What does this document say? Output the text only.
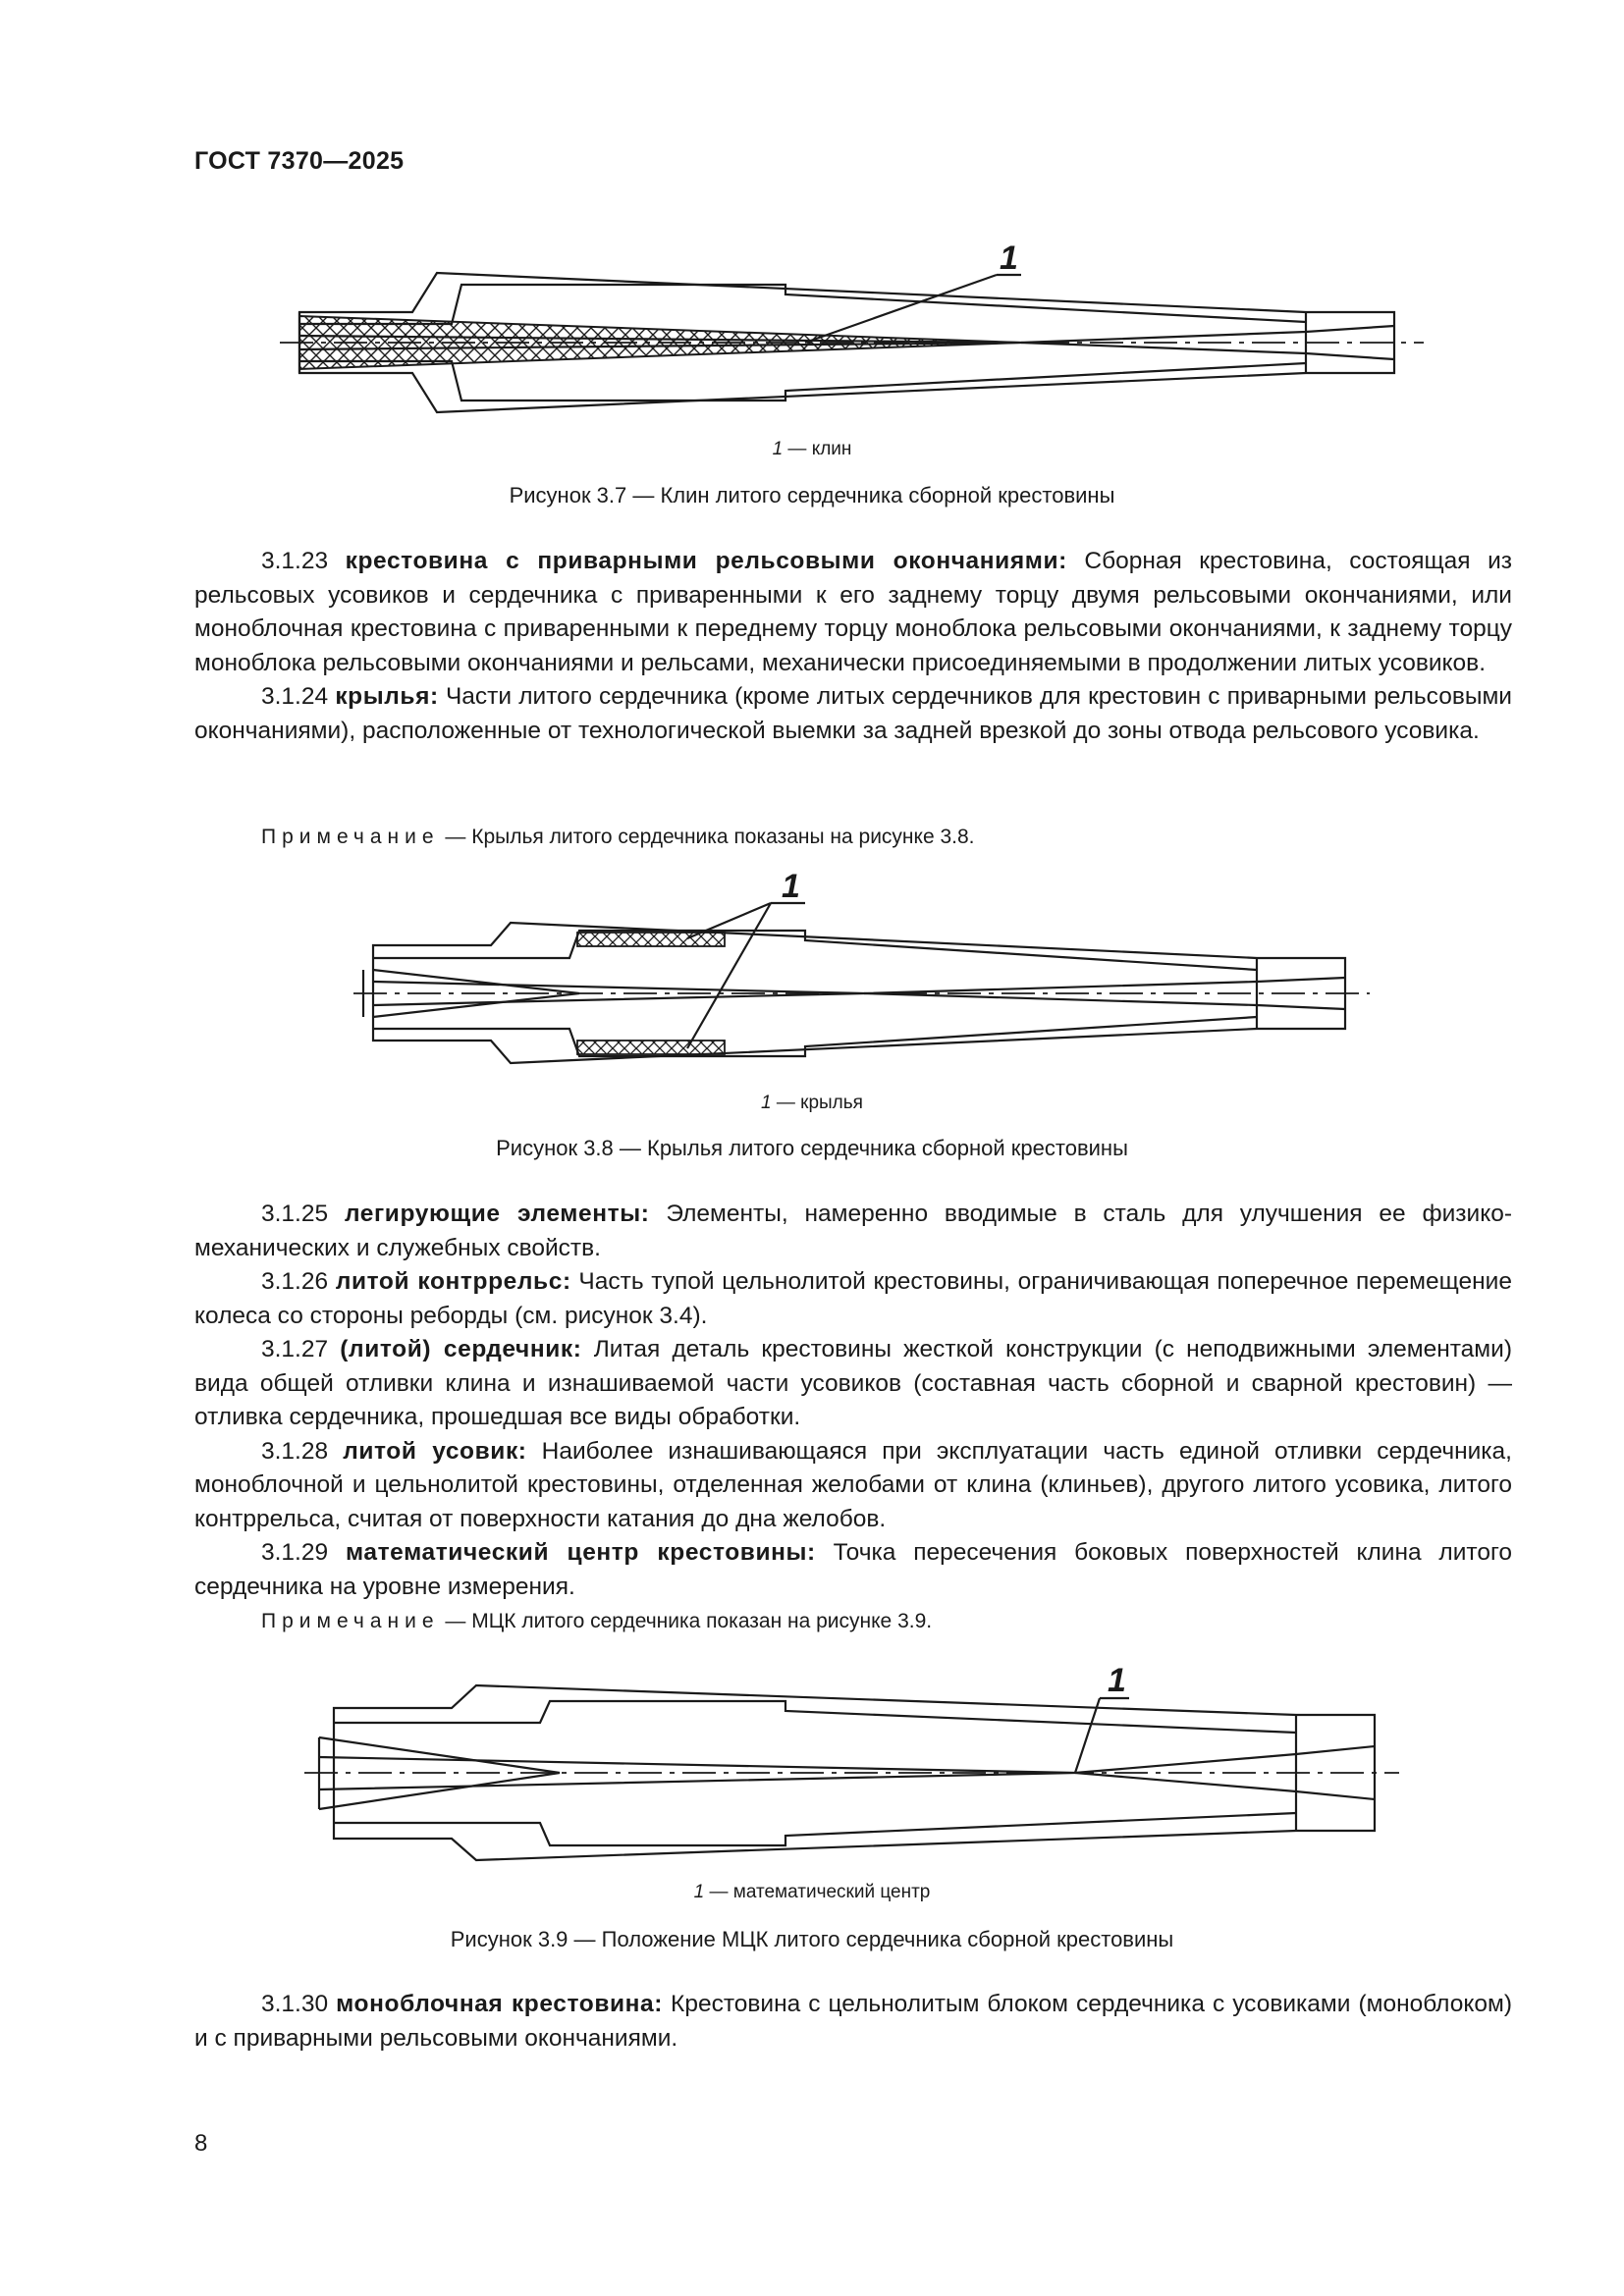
ГОСТ 7370—2025
1
1 — клин
Рисунок 3.7 — Клин литого сердечника сборной крестовины

3.1.23 крестовина с приварными рельсовыми окончаниями: Сборная крестовина, состоящая из рельсовых усовиков и сердечника с приваренными к его заднему торцу двумя рельсовыми окончаниями, или моноблочная крестовина с приваренными к переднему торцу моноблока рельсовыми окончаниями, к заднему торцу моноблока рельсовыми окончаниями и рельсами, механически присоединяемыми в продолжении литых усовиков.

3.1.24 крылья: Части литого сердечника (кроме литых сердечников для крестовин с приварными рельсовыми окончаниями), расположенные от технологической выемки за задней врезкой до зоны отвода рельсового усовика.

Примечание — Крылья литого сердечника показаны на рисунке 3.8.
1
1 — крылья
Рисунок 3.8 — Крылья литого сердечника сборной крестовины

3.1.25 легирующие элементы: Элементы, намеренно вводимые в сталь для улучшения ее физико-механических и служебных свойств.

3.1.26 литой контррельс: Часть тупой цельнолитой крестовины, ограничивающая поперечное перемещение колеса со стороны реборды (см. рисунок 3.4).

3.1.27 (литой) сердечник: Литая деталь крестовины жесткой конструкции (с неподвижными элементами) вида общей отливки клина и изнашиваемой части усовиков (составная часть сборной и сварной крестовин) — отливка сердечника, прошедшая все виды обработки.

3.1.28 литой усовик: Наиболее изнашивающаяся при эксплуатации часть единой отливки сердечника, моноблочной и цельнолитой крестовины, отделенная желобами от клина (клиньев), другого литого усовика, литого контррельса, считая от поверхности катания до дна желобов.

3.1.29 математический центр крестовины: Точка пересечения боковых поверхностей клина литого сердечника на уровне измерения.

Примечание — МЦК литого сердечника показан на рисунке 3.9.
1
1 — математический центр
Рисунок 3.9 — Положение МЦК литого сердечника сборной крестовины

3.1.30 моноблочная крестовина: Крестовина с цельнолитым блоком сердечника с усовиками (моноблоком) и с приварными рельсовыми окончаниями.

8
